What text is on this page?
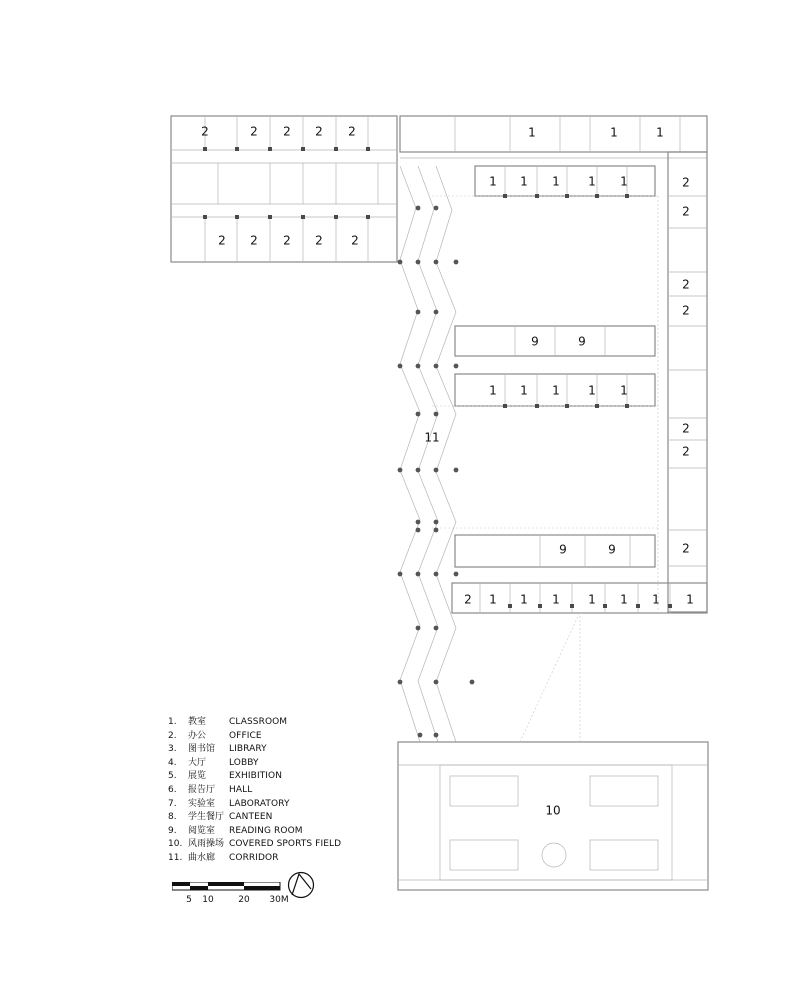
2 2 2 2
2	1	1	1
1 1 1 1 1	2
2
2 2 2 2 2
2
2
9	9
1 1 1 1 1
11
2
2
9	9	2
2 1 1 1 1 1 1 1
10
1.	教室	CLASSROOM
2.	办公	OFFICE
3.	图书馆	LIBRARY
4.	大厅	LOBBY
5.	展览	EXHIBITION
6.	报告厅	HALL
7.	实验室	LABORATORY
8.	学生餐厅 CANTEEN
9.	阅览室	READING ROOM
10. 风雨操场 COVERED SPORTS FIELD
11. 曲水廊	CORRIDOR
5 10	20 30M
